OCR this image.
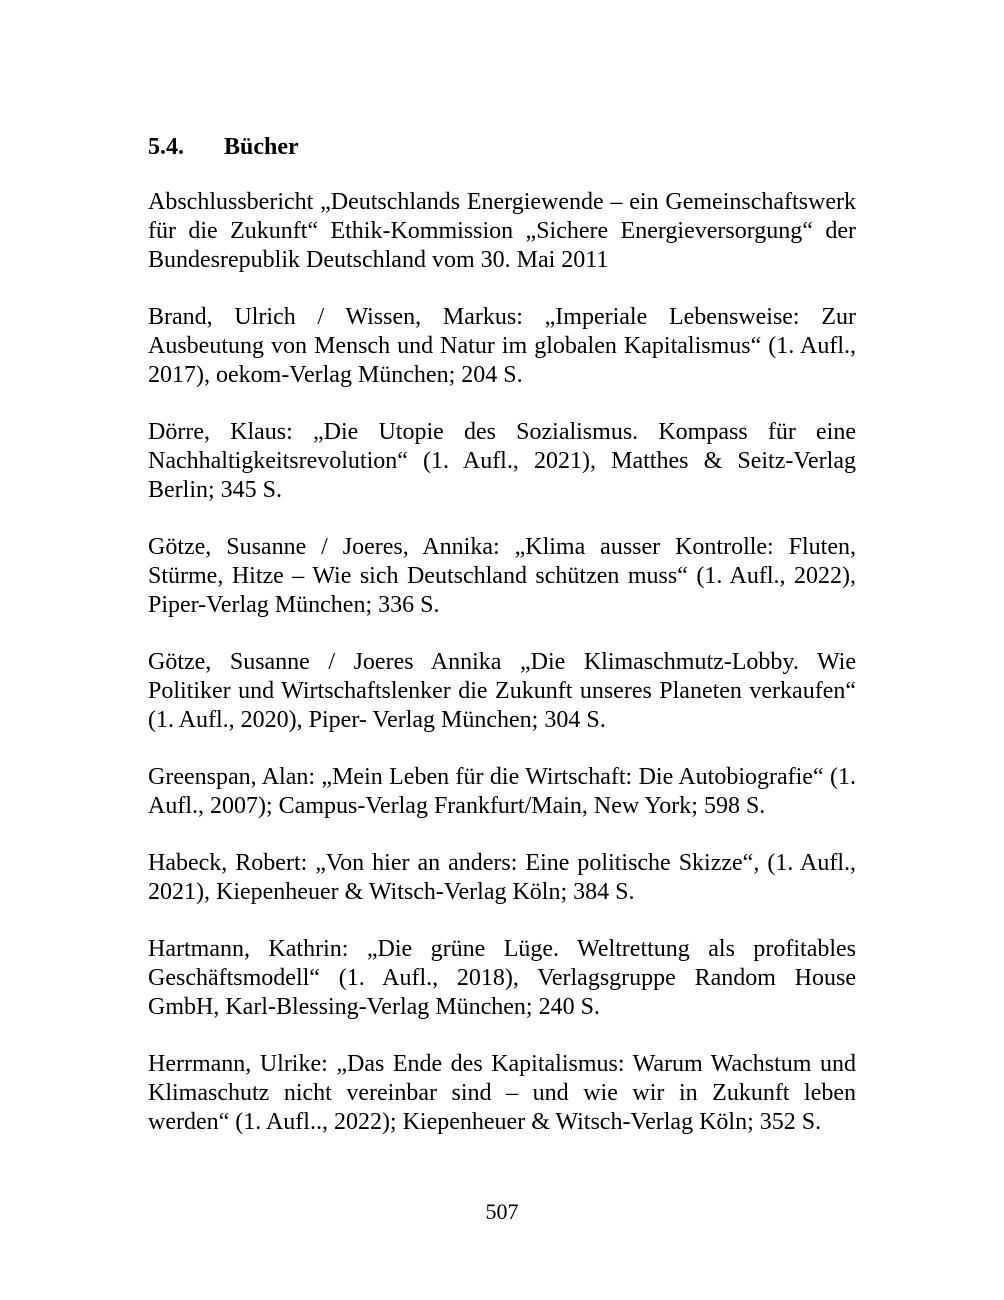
5.4. Bücher

Abschlussbericht „Deutschlands Energiewende – ein Gemeinschaftswerk für die Zukunft“ Ethik-Kommission „Sichere Energieversorgung“ der Bundesrepublik Deutschland vom 30. Mai 2011

Brand, Ulrich / Wissen, Markus: „Imperiale Lebensweise: Zur Ausbeutung von Mensch und Natur im globalen Kapitalismus“ (1. Aufl., 2017), oekom-Verlag München; 204 S.

Dörre, Klaus: „Die Utopie des Sozialismus. Kompass für eine Nachhaltigkeitsrevolution“ (1. Aufl., 2021), Matthes & Seitz-Verlag Berlin; 345 S.

Götze, Susanne / Joeres, Annika: „Klima ausser Kontrolle: Fluten, Stürme, Hitze – Wie sich Deutschland schützen muss“ (1. Aufl., 2022), Piper-Verlag München; 336 S.

Götze, Susanne / Joeres Annika „Die Klimaschmutz-Lobby. Wie Politiker und Wirtschaftslenker die Zukunft unseres Planeten verkaufen“ (1. Aufl., 2020), Piper- Verlag München; 304 S.

Greenspan, Alan: „Mein Leben für die Wirtschaft: Die Autobiografie“ (1. Aufl., 2007); Campus-Verlag Frankfurt/Main, New York; 598 S.

Habeck, Robert: „Von hier an anders: Eine politische Skizze“, (1. Aufl., 2021), Kiepenheuer & Witsch-Verlag Köln; 384 S.

Hartmann, Kathrin: „Die grüne Lüge. Weltrettung als profitables Geschäftsmodell“ (1. Aufl., 2018), Verlagsgruppe Random House GmbH, Karl-Blessing-Verlag München; 240 S.

Herrmann, Ulrike: „Das Ende des Kapitalismus: Warum Wachstum und Klimaschutz nicht vereinbar sind – und wie wir in Zukunft leben werden“ (1. Aufl.., 2022); Kiepenheuer & Witsch-Verlag Köln; 352 S.

507
